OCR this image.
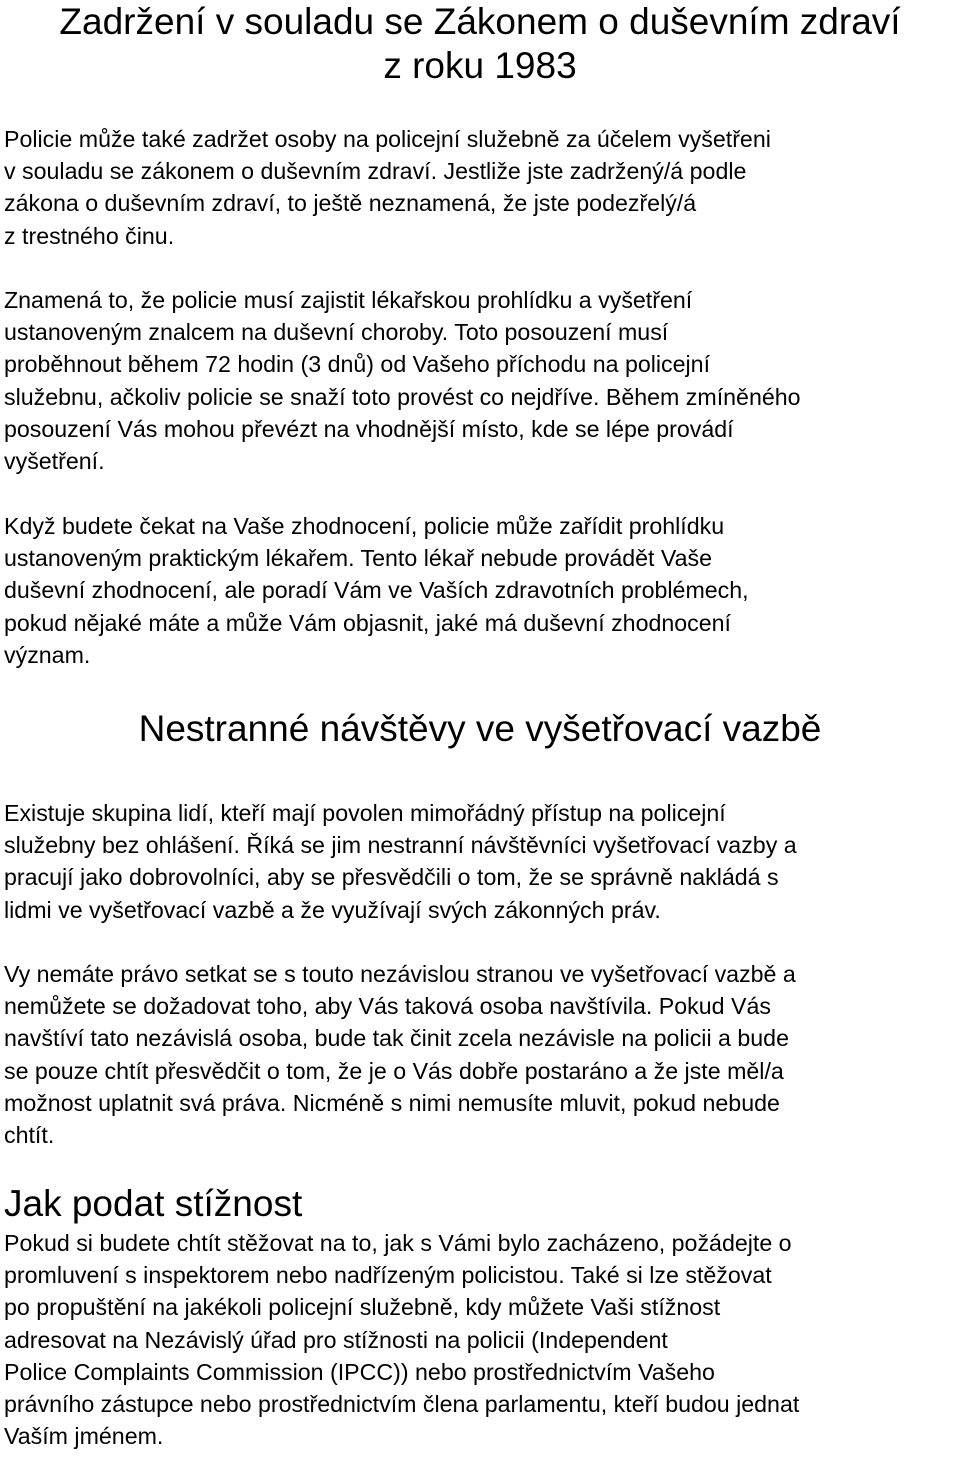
Zadržení v souladu se Zákonem o duševním zdraví
z roku 1983

Policie může také zadržet osoby na policejní služebně za účelem vyšetřeni
v souladu se zákonem o duševním zdraví. Jestliže jste zadržený/á podle
zákona o duševním zdraví, to ještě neznamená, že jste podezřelý/á
z trestného činu.

Znamená to, že policie musí zajistit lékařskou prohlídku a vyšetření
ustanoveným znalcem na duševní choroby. Toto posouzení musí
proběhnout během 72 hodin (3 dnů) od Vašeho příchodu na policejní
služebnu, ačkoliv policie se snaží toto provést co nejdříve. Během zmíněného
posouzení Vás mohou převézt na vhodnější místo, kde se lépe provádí
vyšetření.

Když budete čekat na Vaše zhodnocení, policie může zařídit prohlídku
ustanoveným praktickým lékařem. Tento lékař nebude provádět Vaše
duševní zhodnocení, ale poradí Vám ve Vaších zdravotních problémech,
pokud nějaké máte a může Vám objasnit, jaké má duševní zhodnocení
význam.

Nestranné návštěvy ve vyšetřovací vazbě

Existuje skupina lidí, kteří mají povolen mimořádný přístup na policejní
služebny bez ohlášení. Říká se jim nestranní návštěvníci vyšetřovací vazby a
pracují jako dobrovolníci, aby se přesvědčili o tom, že se správně nakládá s
lidmi ve vyšetřovací vazbě a že využívají svých zákonných práv.

Vy nemáte právo setkat se s touto nezávislou stranou ve vyšetřovací vazbě a
nemůžete se dožadovat toho, aby Vás taková osoba navštívila. Pokud Vás
navštíví tato nezávislá osoba, bude tak činit zcela nezávisle na policii a bude
se pouze chtít přesvědčit o tom, že je o Vás dobře postaráno a že jste měl/a
možnost uplatnit svá práva. Nicméně s nimi nemusíte mluvit, pokud nebude
chtít.

Jak podat stížnost

Pokud si budete chtít stěžovat na to, jak s Vámi bylo zacházeno, požádejte o
promluvení s inspektorem nebo nadřízeným policistou. Také si lze stěžovat
po propuštění na jakékoli policejní služebně, kdy můžete Vaši stížnost
adresovat na Nezávislý úřad pro stížnosti na policii (Independent
Police Complaints Commission (IPCC)) nebo prostřednictvím Vašeho
právního zástupce nebo prostřednictvím člena parlamentu, kteří budou jednat
Vaším jménem.
